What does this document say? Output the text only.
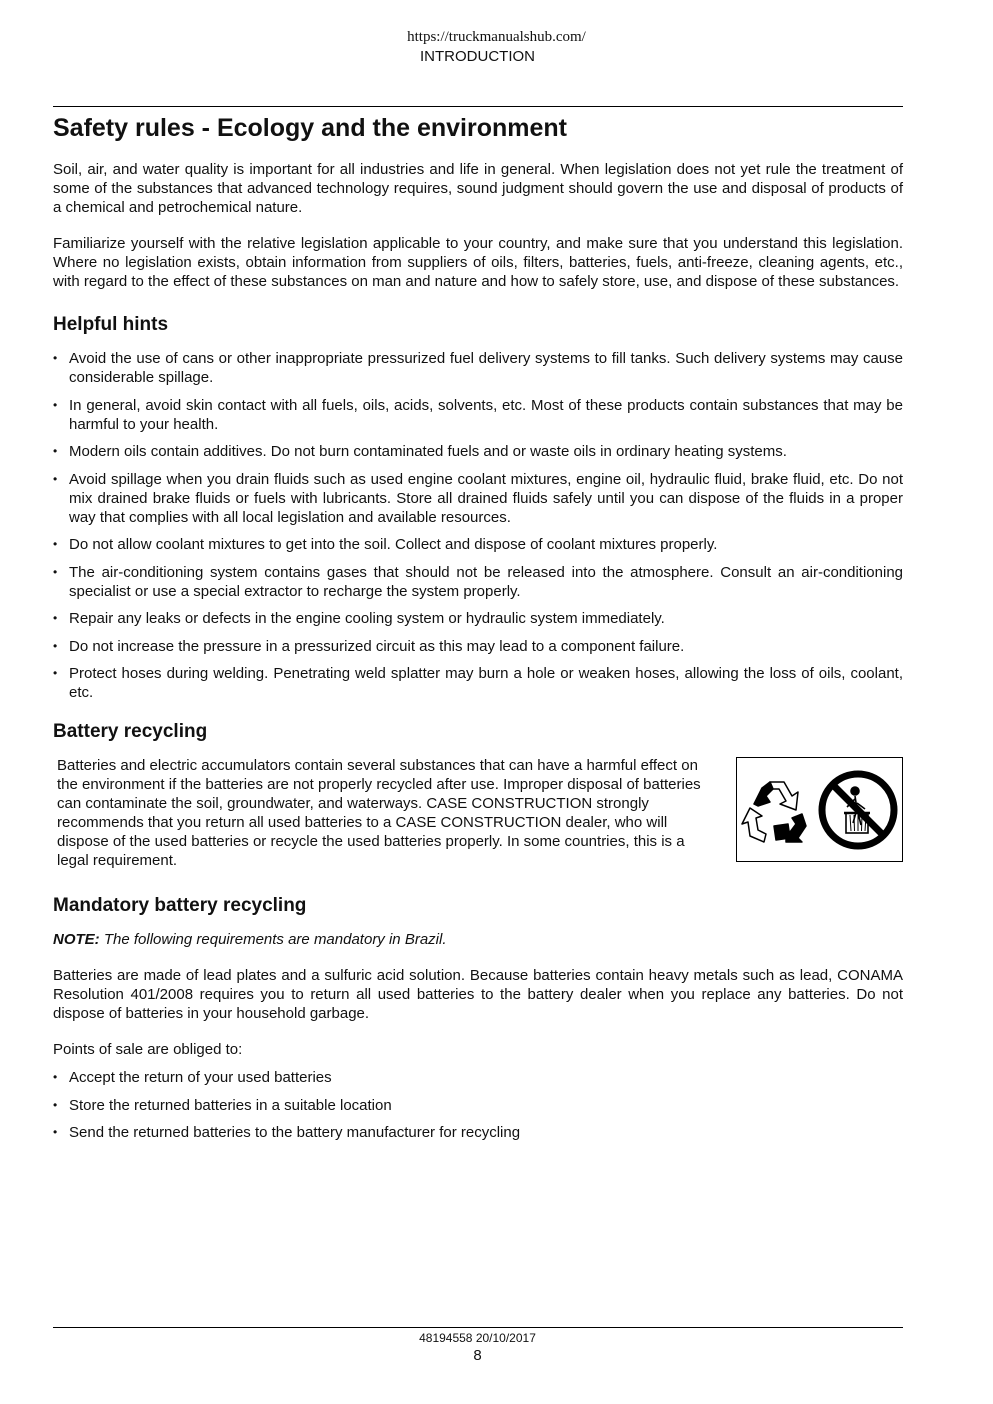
https://truckmanualshub.com/
INTRODUCTION
Safety rules - Ecology and the environment

Soil, air, and water quality is important for all industries and life in general. When legislation does not yet rule the treatment of some of the substances that advanced technology requires, sound judgment should govern the use and disposal of products of a chemical and petrochemical nature.

Familiarize yourself with the relative legislation applicable to your country, and make sure that you understand this legislation. Where no legislation exists, obtain information from suppliers of oils, filters, batteries, fuels, anti-freeze, cleaning agents, etc., with regard to the effect of these substances on man and nature and how to safely store, use, and dispose of these substances.

Helpful hints
• Avoid the use of cans or other inappropriate pressurized fuel delivery systems to fill tanks. Such delivery systems may cause considerable spillage.
• In general, avoid skin contact with all fuels, oils, acids, solvents, etc. Most of these products contain substances that may be harmful to your health.
• Modern oils contain additives. Do not burn contaminated fuels and or waste oils in ordinary heating systems.
• Avoid spillage when you drain fluids such as used engine coolant mixtures, engine oil, hydraulic fluid, brake fluid, etc. Do not mix drained brake fluids or fuels with lubricants. Store all drained fluids safely until you can dispose of the fluids in a proper way that complies with all local legislation and available resources.
• Do not allow coolant mixtures to get into the soil. Collect and dispose of coolant mixtures properly.
• The air-conditioning system contains gases that should not be released into the atmosphere. Consult an air-conditioning specialist or use a special extractor to recharge the system properly.
• Repair any leaks or defects in the engine cooling system or hydraulic system immediately.
• Do not increase the pressure in a pressurized circuit as this may lead to a component failure.
• Protect hoses during welding. Penetrating weld splatter may burn a hole or weaken hoses, allowing the loss of oils, coolant, etc.
Battery recycling

Batteries and electric accumulators contain several substances that can have a harmful effect on the environment if the batteries are not properly recycled after use. Improper disposal of batteries can contaminate the soil, groundwater, and waterways. CASE CONSTRUCTION strongly recommends that you return all used batteries to a CASE CONSTRUCTION dealer, who will dispose of the used batteries or recycle the used batteries properly. In some countries, this is a legal requirement.

Mandatory battery recycling
NOTE: The following requirements are mandatory in Brazil.

Batteries are made of lead plates and a sulfuric acid solution. Because batteries contain heavy metals such as lead, CONAMA Resolution 401/2008 requires you to return all used batteries to the battery dealer when you replace any batteries. Do not dispose of batteries in your household garbage.

Points of sale are obliged to:

• Accept the return of your used batteries
• Store the returned batteries in a suitable location
• Send the returned batteries to the battery manufacturer for recycling
48194558 20/10/2017
8
